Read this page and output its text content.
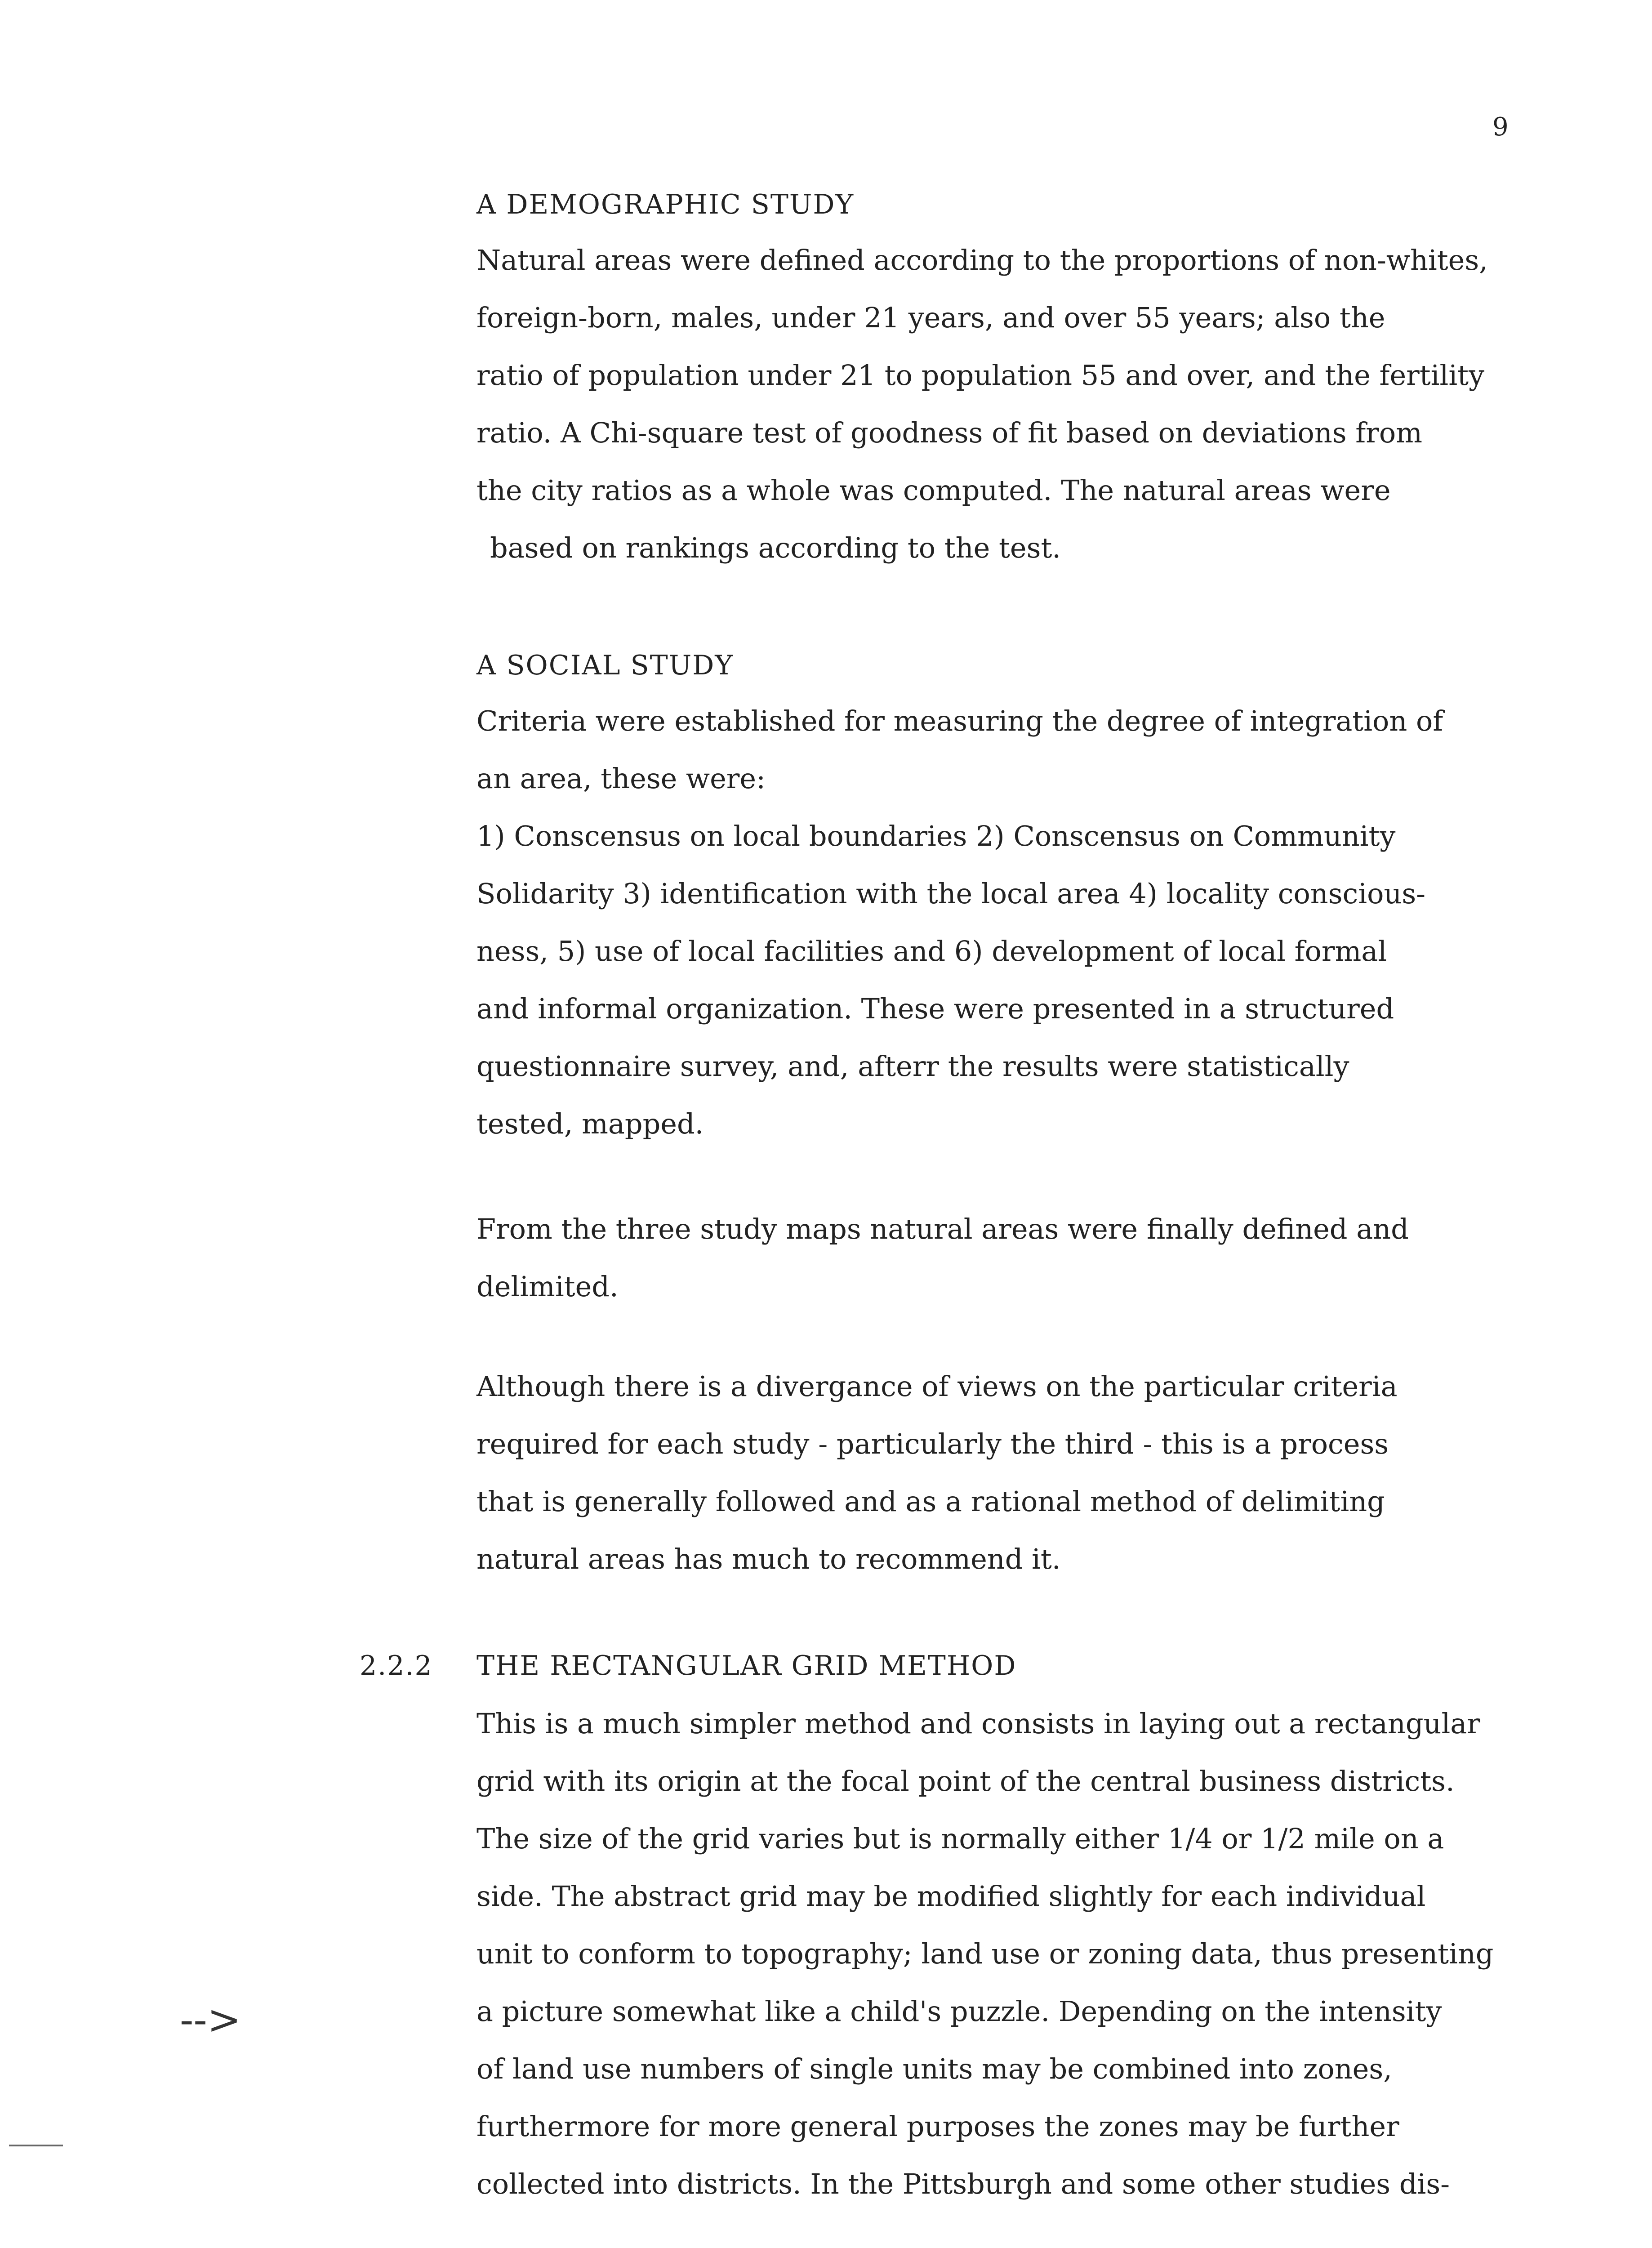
9
A DEMOGRAPHIC STUDY
Natural areas were defined according to the proportions of non-whites,
foreign-born, males, under 21 years, and over 55 years; also the
ratio of population under 21 to population 55 and over, and the fertility
ratio. A Chi-square test of goodness of fit based on deviations from
the city ratios as a whole was computed. The natural areas were
based on rankings according to the test.
A SOCIAL STUDY
Criteria were established for measuring the degree of integration of
an area, these were:
1) Conscensus on local boundaries 2) Conscensus on Community
Solidarity 3) identification with the local area 4) locality conscious-
ness, 5) use of local facilities and 6) development of local formal
and informal organization. These were presented in a structured
questionnaire survey, and, afterr the results were statistically
tested, mapped.
From the three study maps natural areas were finally defined and
delimited.
Although there is a divergance of views on the particular criteria
required for each study - particularly the third - this is a process
that is generally followed and as a rational method of delimiting
natural areas has much to recommend it.
2.2.2 THE RECTANGULAR GRID METHOD
This is a much simpler method and consists in laying out a rectangular
grid with its origin at the focal point of the central business districts.
The size of the grid varies but is normally either 1/4 or 1/2 mile on a
side. The abstract grid may be modified slightly for each individual
unit to conform to topography; land use or zoning data, thus presenting
a picture somewhat like a child's puzzle. Depending on the intensity
of land use numbers of single units may be combined into zones,
furthermore for more general purposes the zones may be further
collected into districts. In the Pittsburgh and some other studies dis-
-->
